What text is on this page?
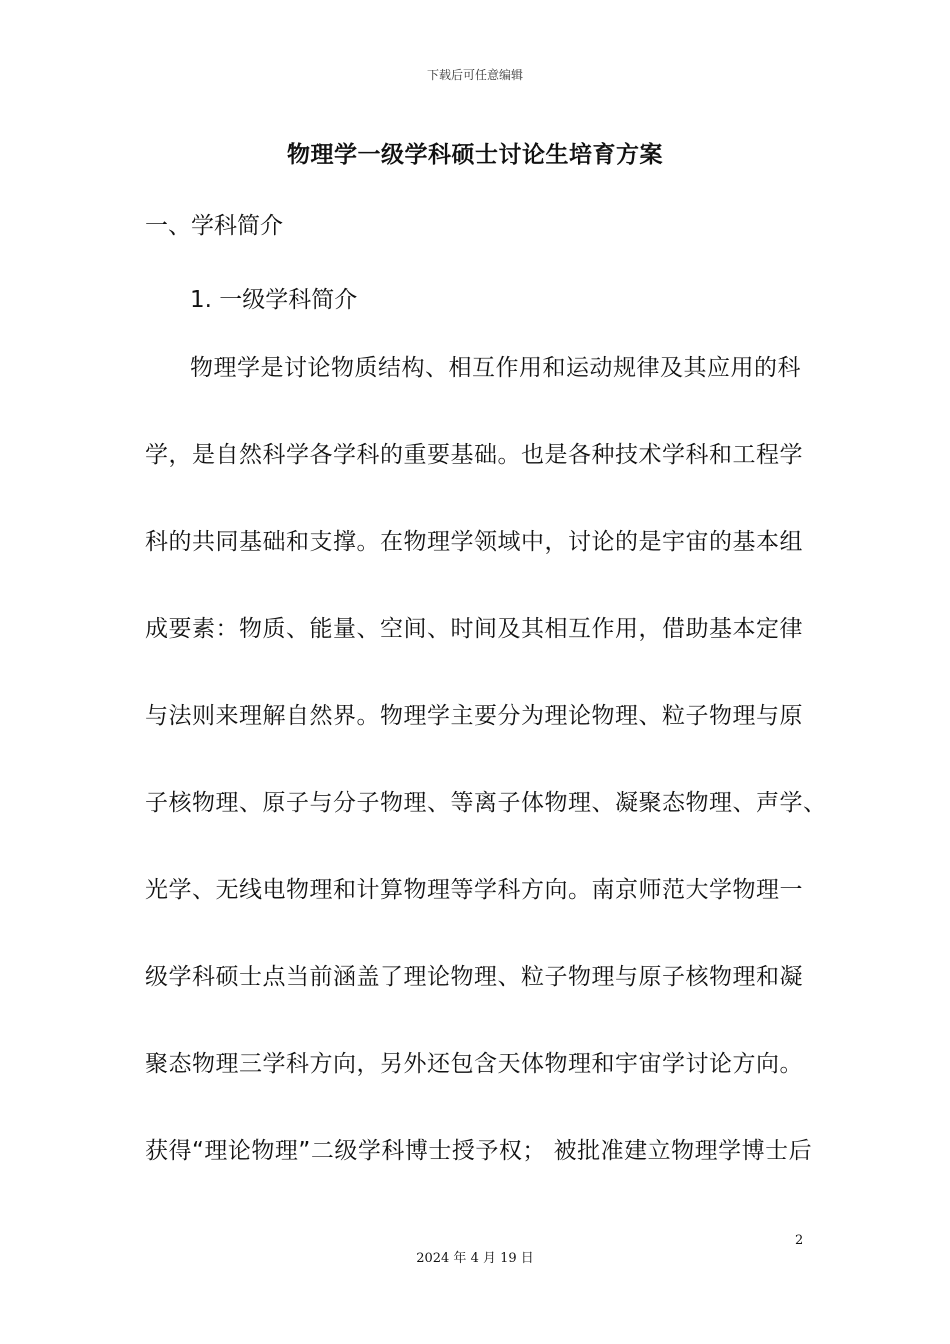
下载后可任意编辑
物理学一级学科硕士讨论生培育方案
一、学科简介
1. 一级学科简介
物理学是讨论物质结构、相互作用和运动规律及其应用的科
学，是自然科学各学科的重要基础。也是各种技术学科和工程学
科的共同基础和支撑。在物理学领域中，讨论的是宇宙的基本组
成要素：物质、能量、空间、时间及其相互作用，借助基本定律
与法则来理解自然界。物理学主要分为理论物理、粒子物理与原
子核物理、原子与分子物理、等离子体物理、凝聚态物理、声学、
光学、无线电物理和计算物理等学科方向。南京师范大学物理一
级学科硕士点当前涵盖了理论物理、粒子物理与原子核物理和凝
聚态物理三学科方向，另外还包含天体物理和宇宙学讨论方向。
获得“理论物理”二级学科博士授予权； 被批准建立物理学博士后
2
2024 年 4 月 19 日
